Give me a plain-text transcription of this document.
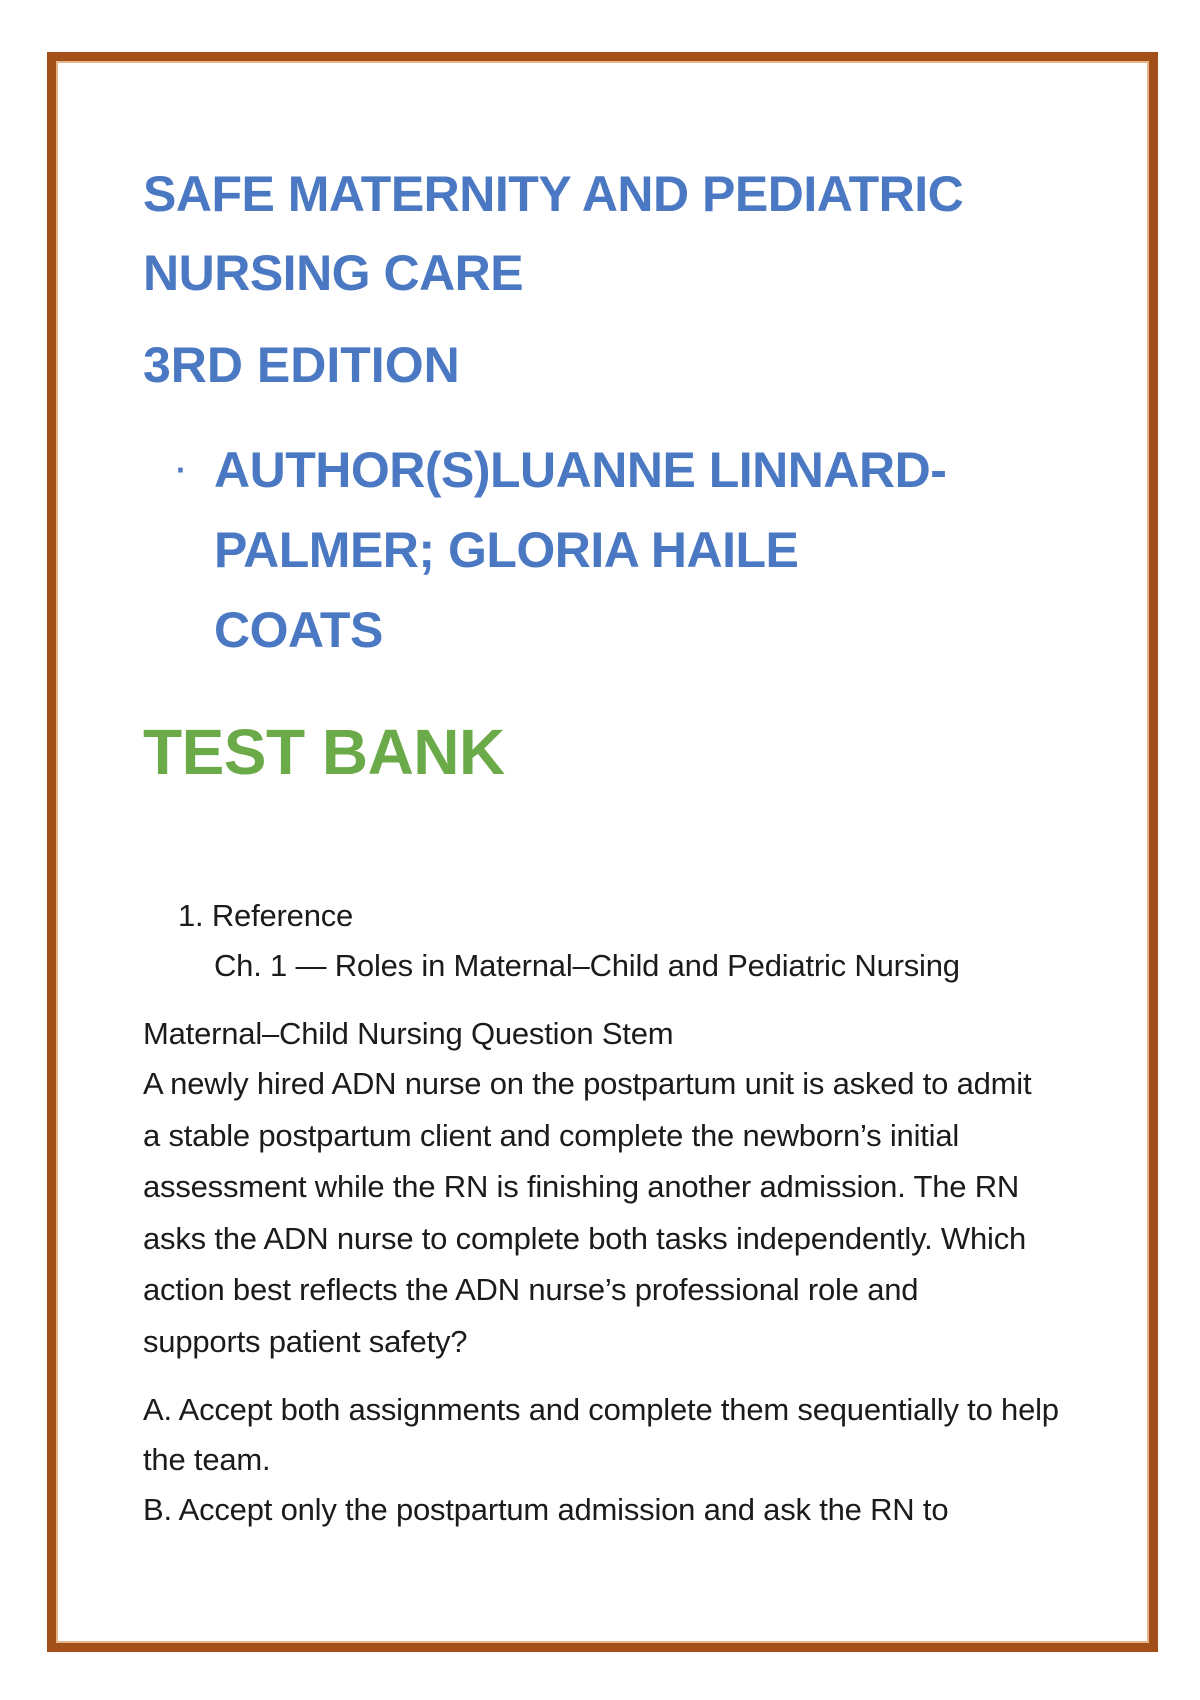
SAFE MATERNITY AND PEDIATRIC

NURSING CARE

3RD EDITION

· AUTHOR(S)LUANNE LINNARD-PALMER; GLORIA HAILE COATS

TEST BANK

1. Reference

Ch. 1 — Roles in Maternal–Child and Pediatric Nursing

Maternal–Child Nursing Question Stem

A newly hired ADN nurse on the postpartum unit is asked to admit a stable postpartum client and complete the newborn’s initial assessment while the RN is finishing another admission. The RN asks the ADN nurse to complete both tasks independently. Which action best reflects the ADN nurse’s professional role and supports patient safety?

A. Accept both assignments and complete them sequentially to help the team.

B. Accept only the postpartum admission and ask the RN to
